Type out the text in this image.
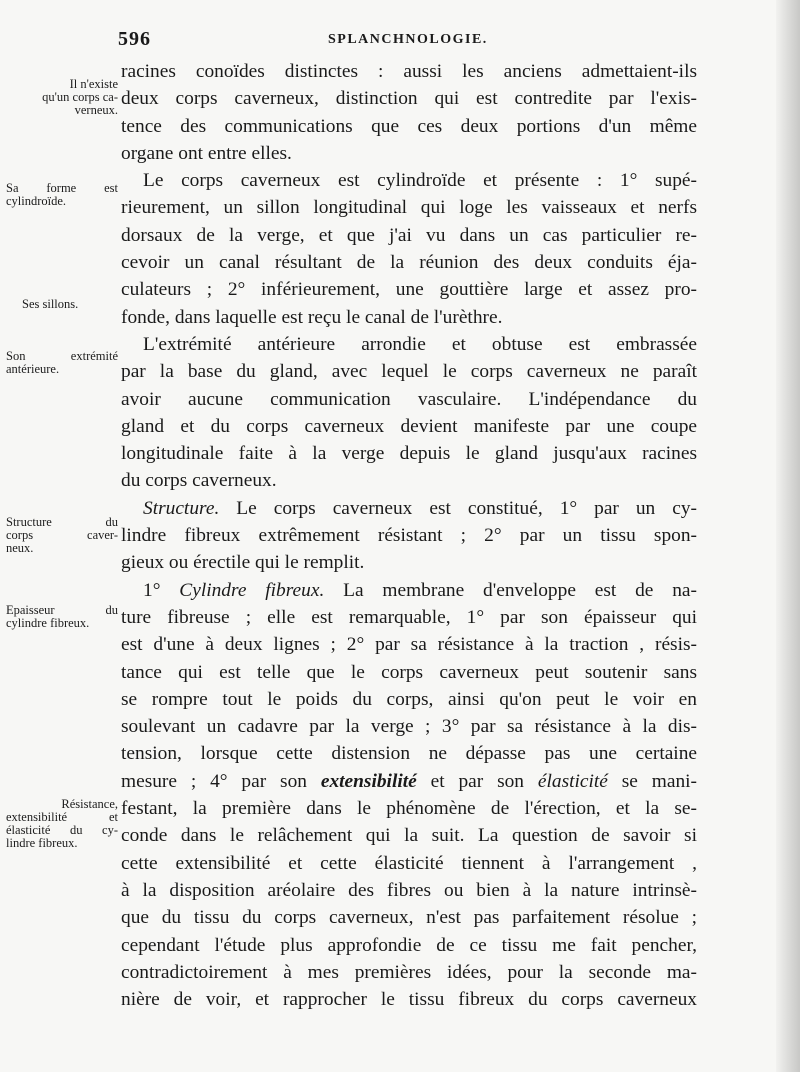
596	SPLANCHNOLOGIE.
Il n'existe
qu'un corps ca-
verneux.
Sa forme est
cylindroïde.
Ses sillons.
Son extrémité
antérieure.
Structure du
corps caver-
neux.
Epaisseur du
cylindre fibreux.
Résistance,
extensibilité et
élasticité du cy-
lindre fibreux.
racines conoïdes distinctes : aussi les anciens admettaient-ils
deux corps caverneux, distinction qui est contredite par l'exis-
tence des communications que ces deux portions d'un même
organe ont entre elles.
Le corps caverneux est cylindroïde et présente : 1° supé-
rieurement, un sillon longitudinal qui loge les vaisseaux et nerfs
dorsaux de la verge, et que j'ai vu dans un cas particulier re-
cevoir un canal résultant de la réunion des deux conduits éja-
culateurs ; 2° inférieurement, une gouttière large et assez pro-
fonde, dans laquelle est reçu le canal de l'urèthre.
L'extrémité antérieure arrondie et obtuse est embrassée
par la base du gland, avec lequel le corps caverneux ne paraît
avoir aucune communication vasculaire. L'indépendance du
gland et du corps caverneux devient manifeste par une coupe
longitudinale faite à la verge depuis le gland jusqu'aux racines
du corps caverneux.
Structure. Le corps caverneux est constitué, 1° par un cy-
lindre fibreux extrêmement résistant ; 2° par un tissu spon-
gieux ou érectile qui le remplit.
1° Cylindre fibreux. La membrane d'enveloppe est de na-
ture fibreuse ; elle est remarquable, 1° par son épaisseur qui
est d'une à deux lignes ; 2° par sa résistance à la traction , résis-
tance qui est telle que le corps caverneux peut soutenir sans
se rompre tout le poids du corps, ainsi qu'on peut le voir en
soulevant un cadavre par la verge ; 3° par sa résistance à la dis-
tension, lorsque cette distension ne dépasse pas une certaine
mesure ; 4° par son extensibilité et par son élasticité se mani-
festant, la première dans le phénomène de l'érection, et la se-
conde dans le relâchement qui la suit. La question de savoir si
cette extensibilité et cette élasticité tiennent à l'arrangement ,
à la disposition aréolaire des fibres ou bien à la nature intrinsè-
que du tissu du corps caverneux, n'est pas parfaitement résolue ;
cependant l'étude plus approfondie de ce tissu me fait pencher,
contradictoirement à mes premières idées, pour la seconde ma-
nière de voir, et rapprocher le tissu fibreux du corps caverneux
